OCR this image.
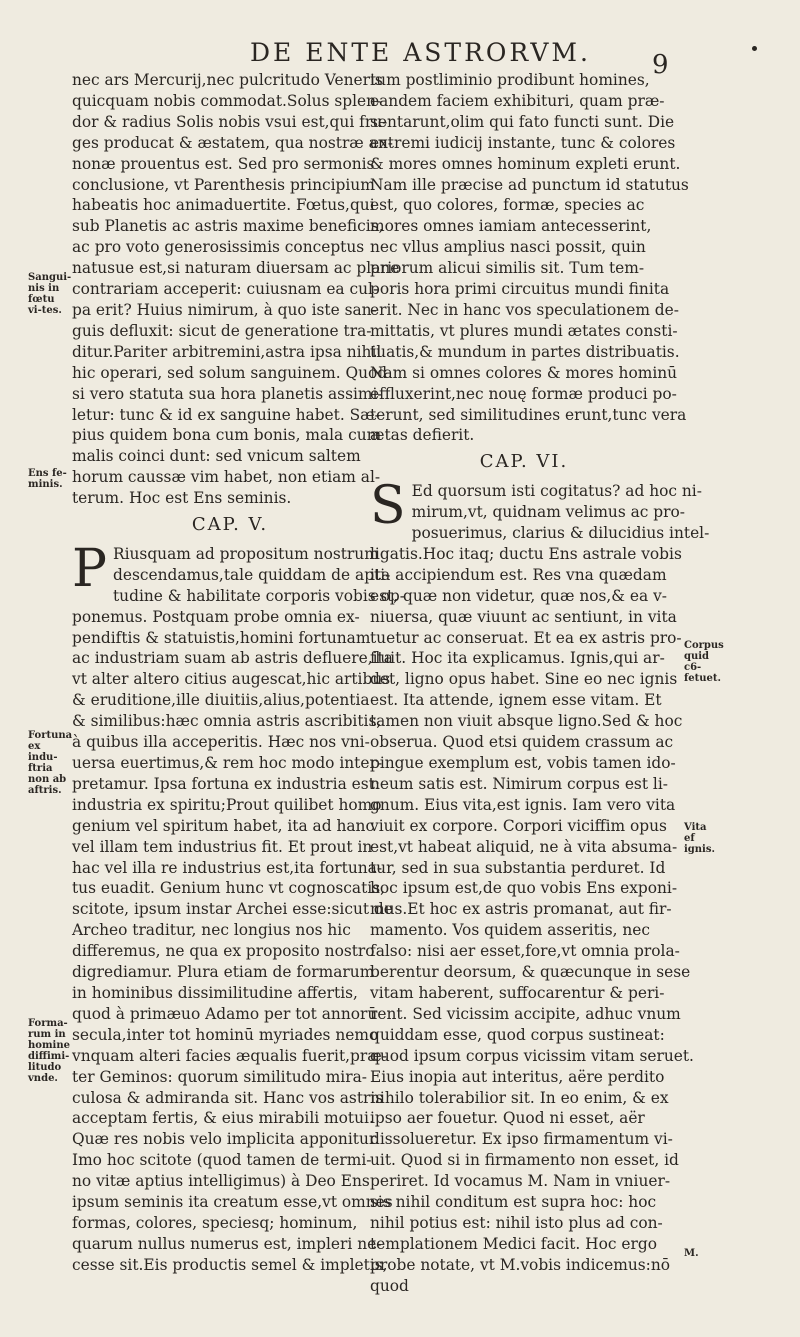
DE ENTE ASTRORVM. 9
nec ars Mercurij,nec pulcritudo Veneris
quicquam nobis commodat.Solus splen-
dor & radius Solis nobis vsui est,qui fru-
ges producat & æstatem, qua nostræ an-
nonæ prouentus est. Sed pro sermonis
conclusione, vt Parenthesis principium
habeatis hoc animaduertite. Fœtus,qui
sub Planetis ac astris maxime beneficis,
ac pro voto generosissimis conceptus
natusue est,si naturam diuersam ac plane
contrariam acceperit: cuiusnam ea cul-
pa erit? Huius nimirum, à quo iste san-
guis defluxit: sicut de generatione tra-
ditur.Pariter arbitremini,astra ipsa nihil
hic operari, sed solum sanguinem. Quod
si vero statuta sua hora planetis assimi-
letur: tunc & id ex sanguine habet. Sæ-
pius quidem bona cum bonis, mala cum
malis coinci dunt: sed vnicum saltem
horum caussæ vim habet, non etiam al-
terum. Hoc est Ens seminis.
CAP. V.
P Riusquam ad propositum nostrum
descendamus,tale quiddam de apti-
tudine & habilitate corporis vobis op-
ponemus. Postquam probe omnia ex-
pendiftis & statuistis,homini fortunam
ac industriam suam ab astris defluere,ita
vt alter altero citius augescat,hic artibus
& eruditione,ille diuitiis,alius,potentia
& similibus:hæc omnia astris ascribitis,
à quibus illa acceperitis. Hæc nos vni-
uersa euertimus,& rem hoc modo inter-
pretamur. Ipsa fortuna ex industria est:
industria ex spiritu;Prout quilibet homo
genium vel spiritum habet, ita ad hanc
vel illam tem industrius fit. Et prout in
hac vel illa re industrius est,ita fortuna-
tus euadit. Genium hunc vt cognoscatis,
scitote, ipsum instar Archei esse:sicut de
Archeo traditur, nec longius nos hic
differemus, ne qua ex proposito nostro
digrediamur. Plura etiam de formarum
in hominibus dissimilitudine affertis,
quod à primæuo Adamo per tot annorū
secula,inter tot hominū myriades nemo
vnquam alteri facies æqualis fuerit,præ-
ter Geminos: quorum similitudo mira-
culosa & admiranda sit. Hanc vos astris
acceptam fertis, & eius mirabili motui.
Quæ res nobis velo implicita apponitur.
Imo hoc scitote (quod tamen de termi-
no vitæ aptius intelligimus) à Deo Ens
ipsum seminis ita creatum esse,vt omnes
formas, colores, speciesq; hominum,
quarum nullus numerus est, impleri ne-
cesse sit.Eis productis semel & impletis,
tum postliminio prodibunt homines,
eandem faciem exhibituri, quam præ-
sentarunt,olim qui fato functi sunt. Die
extremi iudicij instante, tunc & colores
& mores omnes hominum expleti erunt.
Nam ille præcise ad punctum id statutus
est, quo colores, formæ, species ac
mores omnes iamiam antecesserint,
nec vllus amplius nasci possit, quin
priorum alicui similis sit. Tum tem-
poris hora primi circuitus mundi finita
erit. Nec in hanc vos speculationem de-
mittatis, vt plures mundi ætates consti-
tuatis,& mundum in partes distribuatis.
Nam si omnes colores & mores hominū
effluxerint,nec nouę formæ produci po-
terunt, sed similitudines erunt,tunc vera
ætas defierit.
CAP. VI.
S Ed quorsum isti cogitatus? ad hoc ni-
mirum,vt, quidnam velimus ac pro-
posuerimus, clarius & dilucidius intel-
ligatis.Hoc itaq; ductu Ens astrale vobis
ita accipiendum est. Res vna quædam
est, quæ non videtur, quæ nos,& ea v-
niuersa, quæ viuunt ac sentiunt, in vita
tuetur ac conseruat. Et ea ex astris pro-
fluit. Hoc ita explicamus. Ignis,qui ar-
det, ligno opus habet. Sine eo nec ignis
est. Ita attende, ignem esse vitam. Et
tamen non viuit absque ligno.Sed & hoc
obserua. Quod etsi quidem crassum ac
pingue exemplum est, vobis tamen ido-
neum satis est. Nimirum corpus est li-
gnum. Eius vita,est ignis. Iam vero vita
viuit ex corpore. Corpori viciffim opus
est,vt habeat aliquid, ne à vita absuma-
tur, sed in sua substantia perduret. Id
hoc ipsum est,de quo vobis Ens exponi-
mus.Et hoc ex astris promanat, aut fir-
mamento. Vos quidem asseritis, nec
falso: nisi aer esset,fore,vt omnia prola-
berentur deorsum, & quæcunque in sese
vitam haberent, suffocarentur & peri-
rent. Sed vicissim accipite, adhuc vnum
quiddam esse, quod corpus sustineat:
quod ipsum corpus vicissim vitam seruet.
Eius inopia aut interitus, aëre perdito
nihilo tolerabilior sit. In eo enim, & ex
ipso aer fouetur. Quod ni esset, aër
dissolueretur. Ex ipso firmamentum vi-
uit. Quod si in firmamento non esset, id
periret. Id vocamus M. Nam in vniuer-
sis nihil conditum est supra hoc: hoc
nihil potius est: nihil isto plus ad con-
templationem Medici facit. Hoc ergo
probe notate, vt M.vobis indicemus:nō
quod
Sangui-nis in fœtu vi-tes.
Ens fe-minis.
Fortuna ex indu-ftria non ab aftris.
Forma-rum in homine diffimi-litudo vnde.
Corpus quid c6-fetuet.
Vita ef ignis.
M.
